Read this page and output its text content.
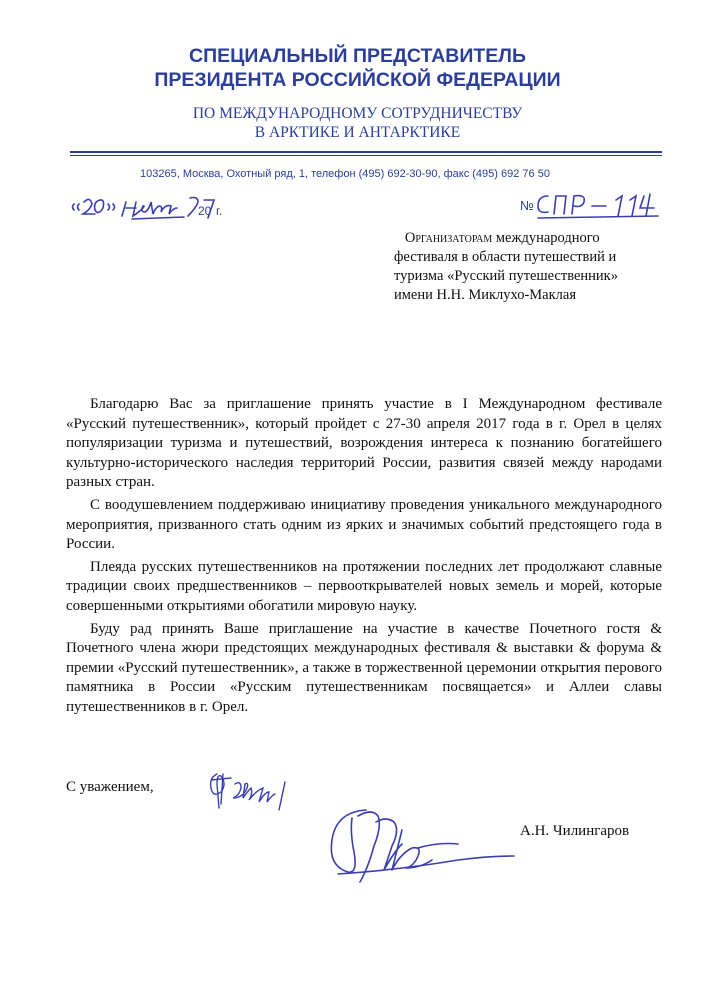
СПЕЦИАЛЬНЫЙ ПРЕДСТАВИТЕЛЬ
ПРЕЗИДЕНТА РОССИЙСКОЙ ФЕДЕРАЦИИ
ПО МЕЖДУНАРОДНОМУ СОТРУДНИЧЕСТВУ
В АРКТИКЕ И АНТАРКТИКЕ
103265, Москва, Охотный ряд, 1, телефон (495) 692-30-90, факс (495) 692 76 50
20 г.	№
Организаторам международного
фестиваля в области путешествий и
туризма «Русский путешественник»
имени Н.Н. Миклухо-Маклая

Благодарю Вас за приглашение принять участие в I Международном фестивале «Русский путешественник», который пройдет с 27-30 апреля 2017 года в г. Орел в целях популяризации туризма и путешествий, возрождения интереса к познанию богатейшего культурно-исторического наследия территорий России, развития связей между народами разных стран.

С воодушевлением поддерживаю инициативу проведения уникального международного мероприятия, призванного стать одним из ярких и значимых событий предстоящего года в России.

Плеяда русских путешественников на протяжении последних лет продолжают славные традиции своих предшественников – первооткрывателей новых земель и морей, которые совершенными открытиями обогатили мировую науку.

Буду рад принять Ваше приглашение на участие в качестве Почетного гостя & Почетного члена жюри предстоящих международных фестиваля & выставки & форума & премии «Русский путешественник», а также в торжественной церемонии открытия перового памятника в России «Русским путешественникам посвящается» и Аллеи славы путешественников в г. Орел.

С уважением,
А.Н. Чилингаров
